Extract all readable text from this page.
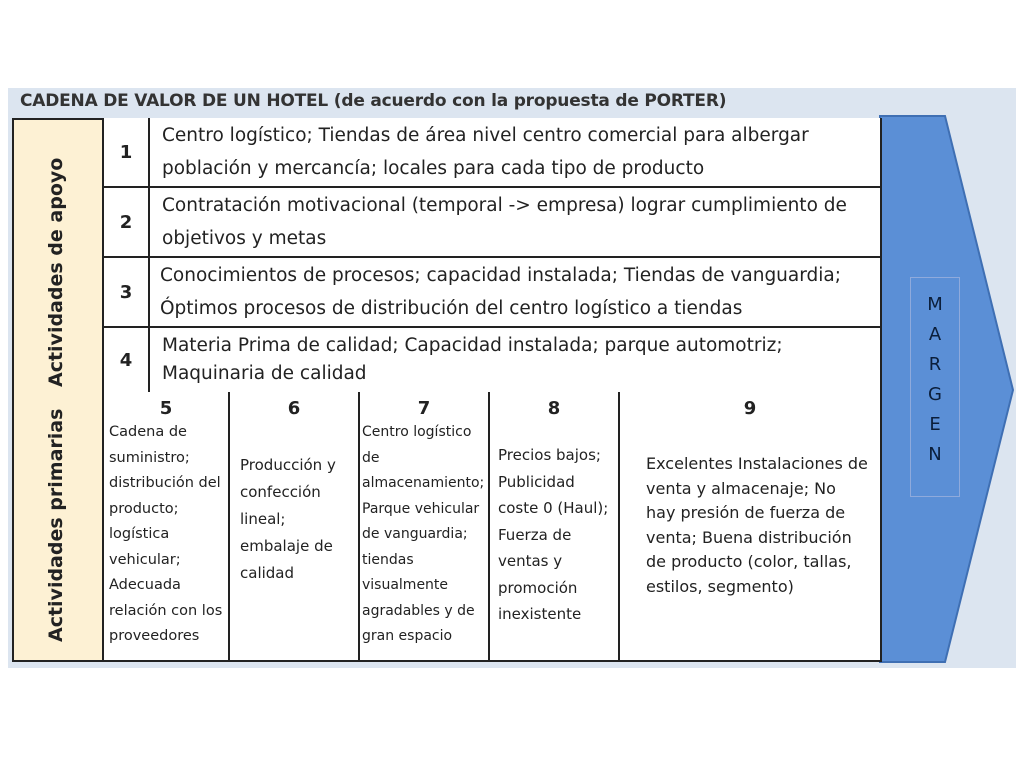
CADENA DE VALOR DE UN HOTEL (de acuerdo con la propuesta de PORTER)
M
A
R
G
E
N
Actividades de apoyo
Actividades primarias
1
Centro logístico; Tiendas de área nivel centro comercial para albergar población y mercancía; locales para cada tipo de producto
2
Contratación motivacional (temporal -> empresa) lograr cumplimiento de objetivos y metas
3
Conocimientos de procesos; capacidad instalada; Tiendas de vanguardia; Óptimos procesos de distribución del centro logístico a tiendas
4
Materia Prima de calidad; Capacidad instalada; parque automotriz; Maquinaria de calidad
5
Cadena de suministro; distribución del producto; logística vehicular; Adecuada relación con los proveedores
6
Producción y confección lineal; embalaje de calidad
7
Centro logístico de almacenamiento; Parque vehicular de vanguardia; tiendas visualmente agradables y de gran espacio
8
Precios bajos; Publicidad coste 0 (Haul); Fuerza de ventas y promoción inexistente
9
Excelentes Instalaciones de venta y almacenaje; No hay presión de fuerza de venta; Buena distribución de producto (color, tallas, estilos, segmento)
